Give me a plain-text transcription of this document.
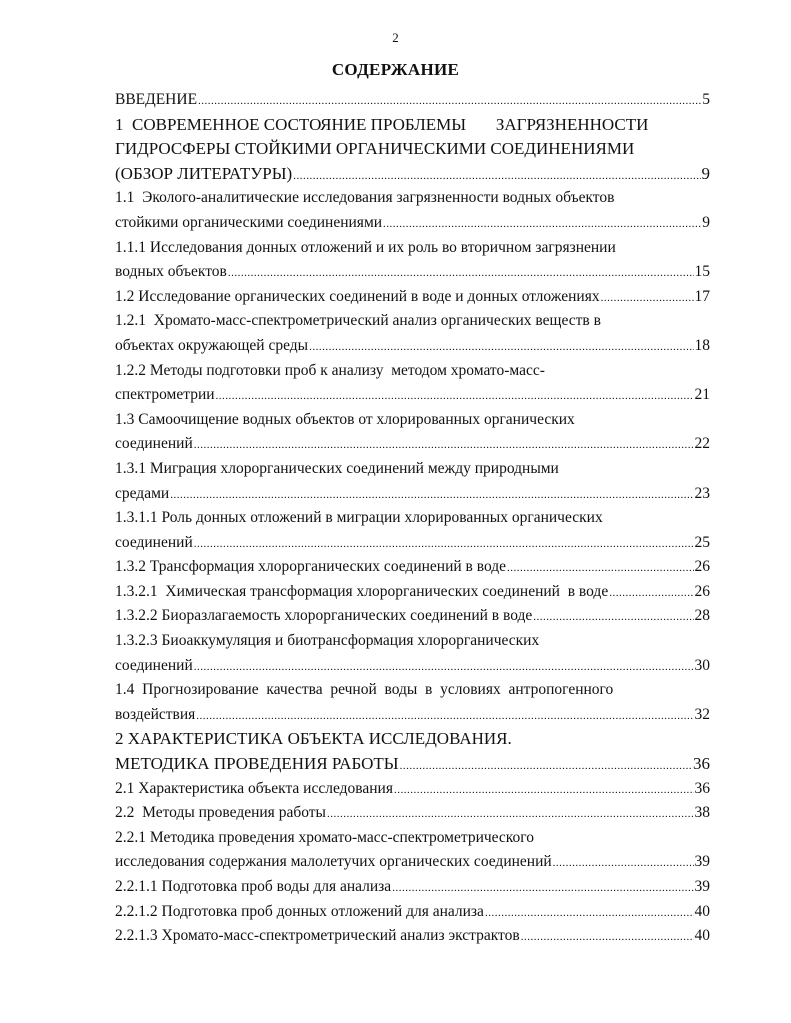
2
СОДЕРЖАНИЕ
ВВЕДЕНИЕ .....	5
1  СОВРЕМЕННОЕ СОСТОЯНИЕ ПРОБЛЕМЫ       ЗАГРЯЗНЕННОСТИ
ГИДРОСФЕРЫ СТОЙКИМИ ОРГАНИЧЕСКИМИ СОЕДИНЕНИЯМИ
(ОБЗОР ЛИТЕРАТУРЫ) .....	9
1.1  Эколого-аналитические исследования загрязненности водных объектов
стойкими органическими соединениями .....	9
1.1.1 Исследования донных отложений и их роль во вторичном загрязнении
водных объектов .....	15
1.2 Исследование органических соединений в воде и донных отложениях .....	17
1.2.1  Хромато-масс-спектрометрический анализ органических веществ в
объектах окружающей среды .....	18
1.2.2 Методы подготовки проб к анализу  методом хромато-масс-
спектрометрии .....	21
1.3 Самоочищение водных объектов от хлорированных органических
соединений .....	22
1.3.1 Миграция хлорорганических соединений между природными
средами .....	23
1.3.1.1 Роль донных отложений в миграции хлорированных органических
соединений .....	25
1.3.2 Трансформация хлорорганических соединений в воде .....	26
1.3.2.1  Химическая трансформация хлорорганических соединений  в воде .....	26
1.3.2.2 Биоразлагаемость хлорорганических соединений в воде .....	28
1.3.2.3 Биоаккумуляция и биотрансформация хлорорганических
соединений .....	30
1.4  Прогнозирование  качества  речной  воды  в  условиях  антропогенного
воздействия .....	32
2 ХАРАКТЕРИСТИКА ОБЪЕКТА ИССЛЕДОВАНИЯ.
МЕТОДИКА ПРОВЕДЕНИЯ РАБОТЫ .....	36
2.1 Характеристика объекта исследования .....	36
2.2  Методы проведения работы .....	38
2.2.1 Методика проведения хромато-масс-спектрометрического
исследования содержания малолетучих органических соединений .....	39
2.2.1.1 Подготовка проб воды для анализа .....	39
2.2.1.2 Подготовка проб донных отложений для анализа .....	40
2.2.1.3 Хромато-масс-спектрометрический анализ экстрактов .....	40
